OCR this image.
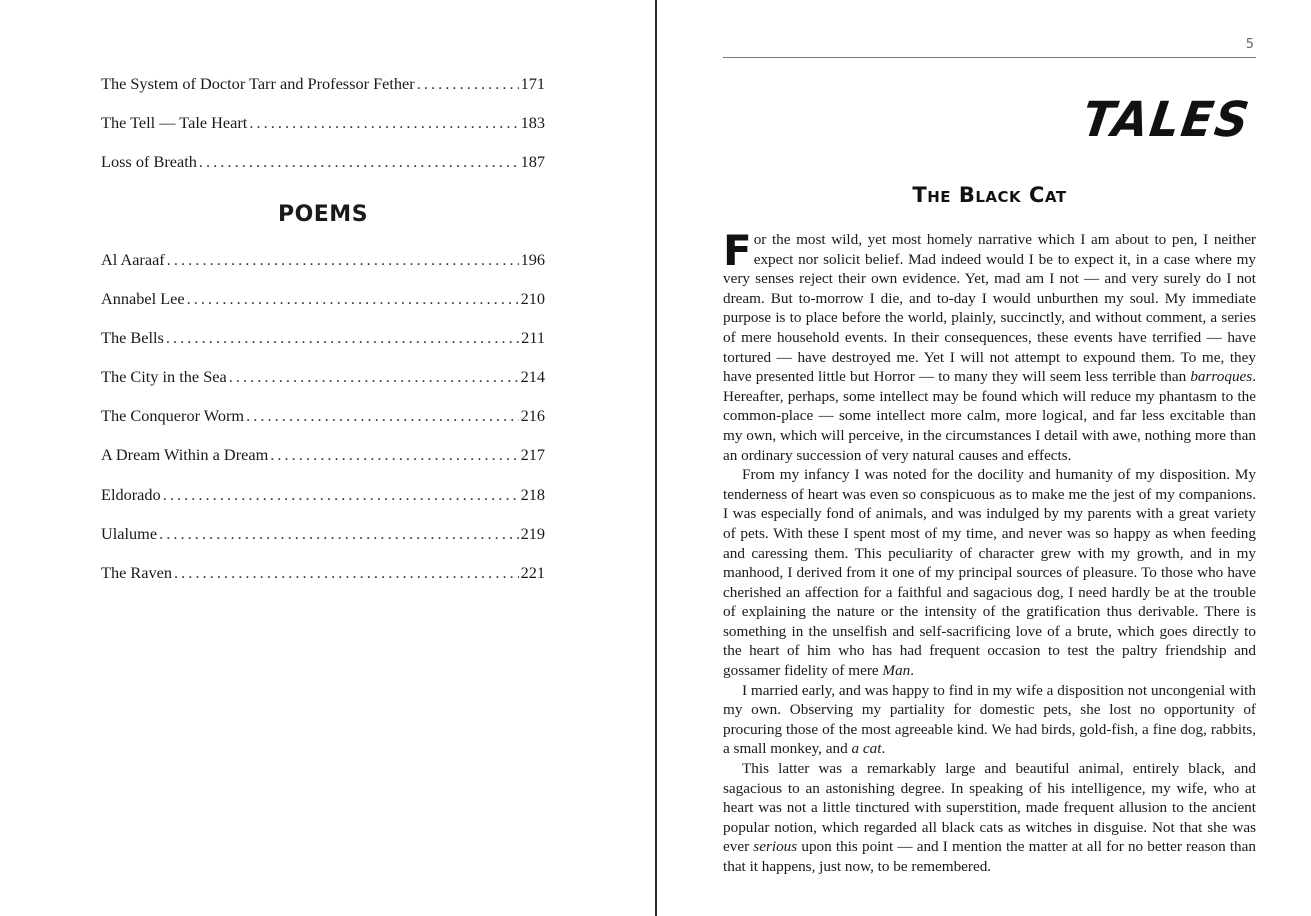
The System of Doctor Tarr and Professor Fether . . .	171
The Tell — Tale Heart . . .	183
Loss of Breath . . .	187
POEMS
Al Aaraaf . . .	196
Annabel Lee . . .	210
The Bells . . .	211
The City in the Sea . . .	214
The Conqueror Worm . . .	216
A Dream Within a Dream . . .	217
Eldorado . . .	218
Ulalume . . .	219
The Raven . . .	221
5
TALES
The Black Cat

For the most wild, yet most homely narrative which I am about to pen, I neither expect nor solicit belief. Mad indeed would I be to expect it, in a case where my very senses reject their own evidence. Yet, mad am I not — and very surely do I not dream. But to-morrow I die, and to-day I would unburthen my soul. My immediate purpose is to place before the world, plainly, succinctly, and without comment, a series of mere household events. In their consequences, these events have terrified — have tortured — have destroyed me. Yet I will not attempt to expound them. To me, they have presented little but Horror — to many they will seem less terrible than barroques. Hereafter, perhaps, some intellect may be found which will reduce my phantasm to the common-place — some intellect more calm, more logical, and far less excitable than my own, which will perceive, in the circumstances I detail with awe, nothing more than an ordinary succession of very natural causes and effects.

From my infancy I was noted for the docility and humanity of my disposition. My tenderness of heart was even so conspicuous as to make me the jest of my companions. I was especially fond of animals, and was indulged by my parents with a great variety of pets. With these I spent most of my time, and never was so happy as when feeding and caressing them. This peculiarity of character grew with my growth, and in my manhood, I derived from it one of my principal sources of pleasure. To those who have cherished an affection for a faithful and sagacious dog, I need hardly be at the trouble of explaining the nature or the intensity of the gratification thus derivable. There is something in the unselfish and self-sacrificing love of a brute, which goes directly to the heart of him who has had frequent occasion to test the paltry friendship and gossamer fidelity of mere Man.

I married early, and was happy to find in my wife a disposition not uncongenial with my own. Observing my partiality for domestic pets, she lost no opportunity of procuring those of the most agreeable kind. We had birds, gold-fish, a fine dog, rabbits, a small monkey, and a cat.

This latter was a remarkably large and beautiful animal, entirely black, and sagacious to an astonishing degree. In speaking of his intelligence, my wife, who at heart was not a little tinctured with superstition, made frequent allusion to the ancient popular notion, which regarded all black cats as witches in disguise. Not that she was ever serious upon this point — and I mention the matter at all for no better reason than that it happens, just now, to be remembered.
